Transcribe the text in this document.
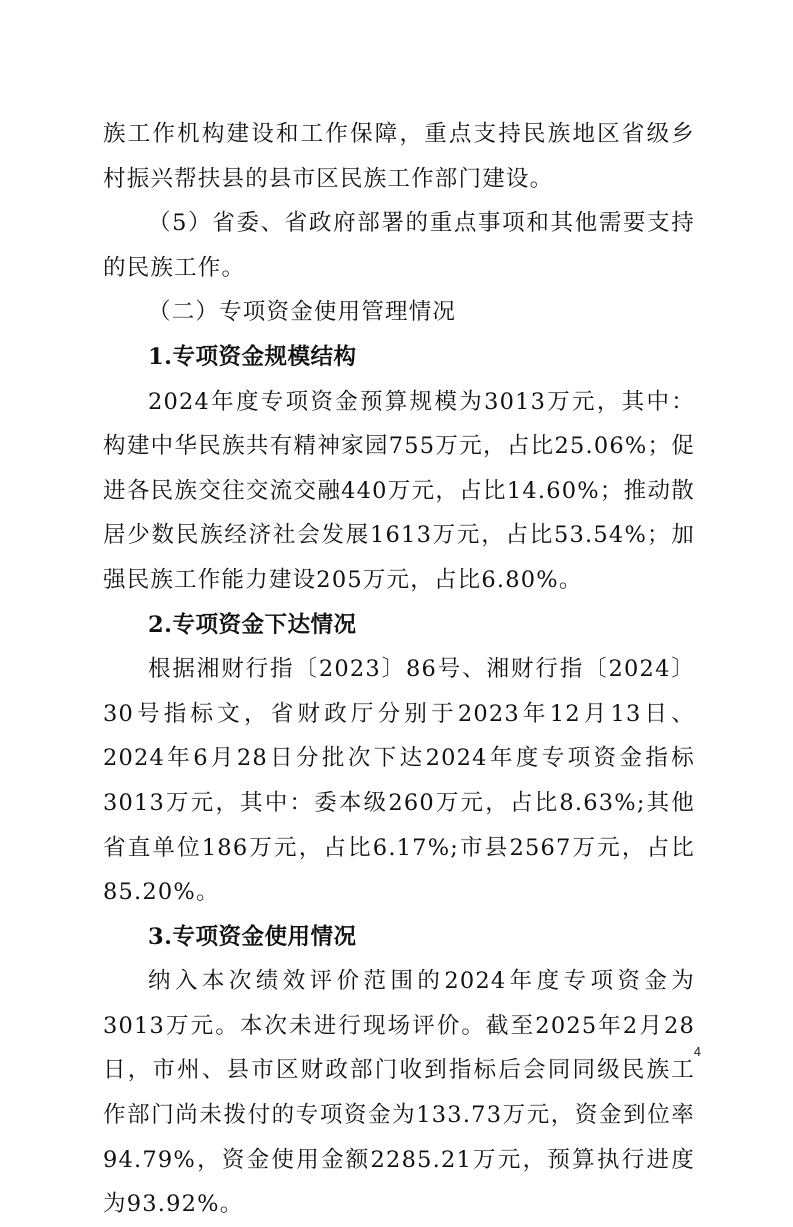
族工作机构建设和工作保障，重点支持民族地区省级乡村振兴帮扶县的县市区民族工作部门建设。

（5）省委、省政府部署的重点事项和其他需要支持的民族工作。

（二）专项资金使用管理情况

1.专项资金规模结构

2024年度专项资金预算规模为3013万元，其中：构建中华民族共有精神家园755万元，占比25.06%；促进各民族交往交流交融440万元，占比14.60%；推动散居少数民族经济社会发展1613万元，占比53.54%；加强民族工作能力建设205万元，占比6.80%。

2.专项资金下达情况

根据湘财行指〔2023〕86号、湘财行指〔2024〕30号指标文，省财政厅分别于2023年12月13日、2024年6月28日分批次下达2024年度专项资金指标3013万元，其中：委本级260万元，占比8.63%;其他省直单位186万元，占比6.17%;市县2567万元，占比85.20%。

3.专项资金使用情况

纳入本次绩效评价范围的2024年度专项资金为3013万元。本次未进行现场评价。截至2025年2月28日，市州、县市区财政部门收到指标后会同同级民族工作部门尚未拨付的专项资金为133.73万元，资金到位率94.79%，资金使用金额2285.21万元，预算执行进度为93.92%。

4
